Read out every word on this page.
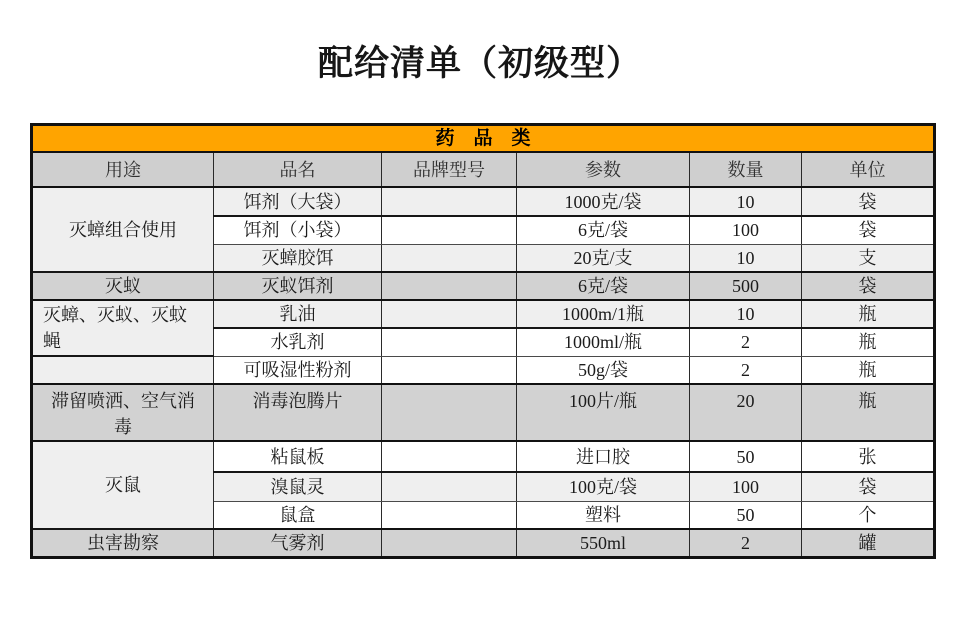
配给清单（初级型）
药　品　类					
用途	品名	品牌型号	参数	数量	单位
灭蟑组合使用	饵剂（大袋）		1000克/袋	10	袋
	饵剂（小袋）		6克/袋	100	袋
	灭蟑胶饵		20克/支	10	支
灭蚁	灭蚁饵剂		6克/袋	500	袋
灭蟑、灭蚁、灭蚊蝇	乳油		1000m/1瓶	10	瓶
	水乳剂		1000ml/瓶	2	瓶
	可吸湿性粉剂		50g/袋	2	瓶
滞留喷洒、空气消毒	消毒泡腾片		100片/瓶	20	瓶
灭鼠	粘鼠板		进口胶	50	张
	溴鼠灵		100克/袋	100	袋
	鼠盒		塑料	50	个
虫害勘察	气雾剂		550ml	2	罐
